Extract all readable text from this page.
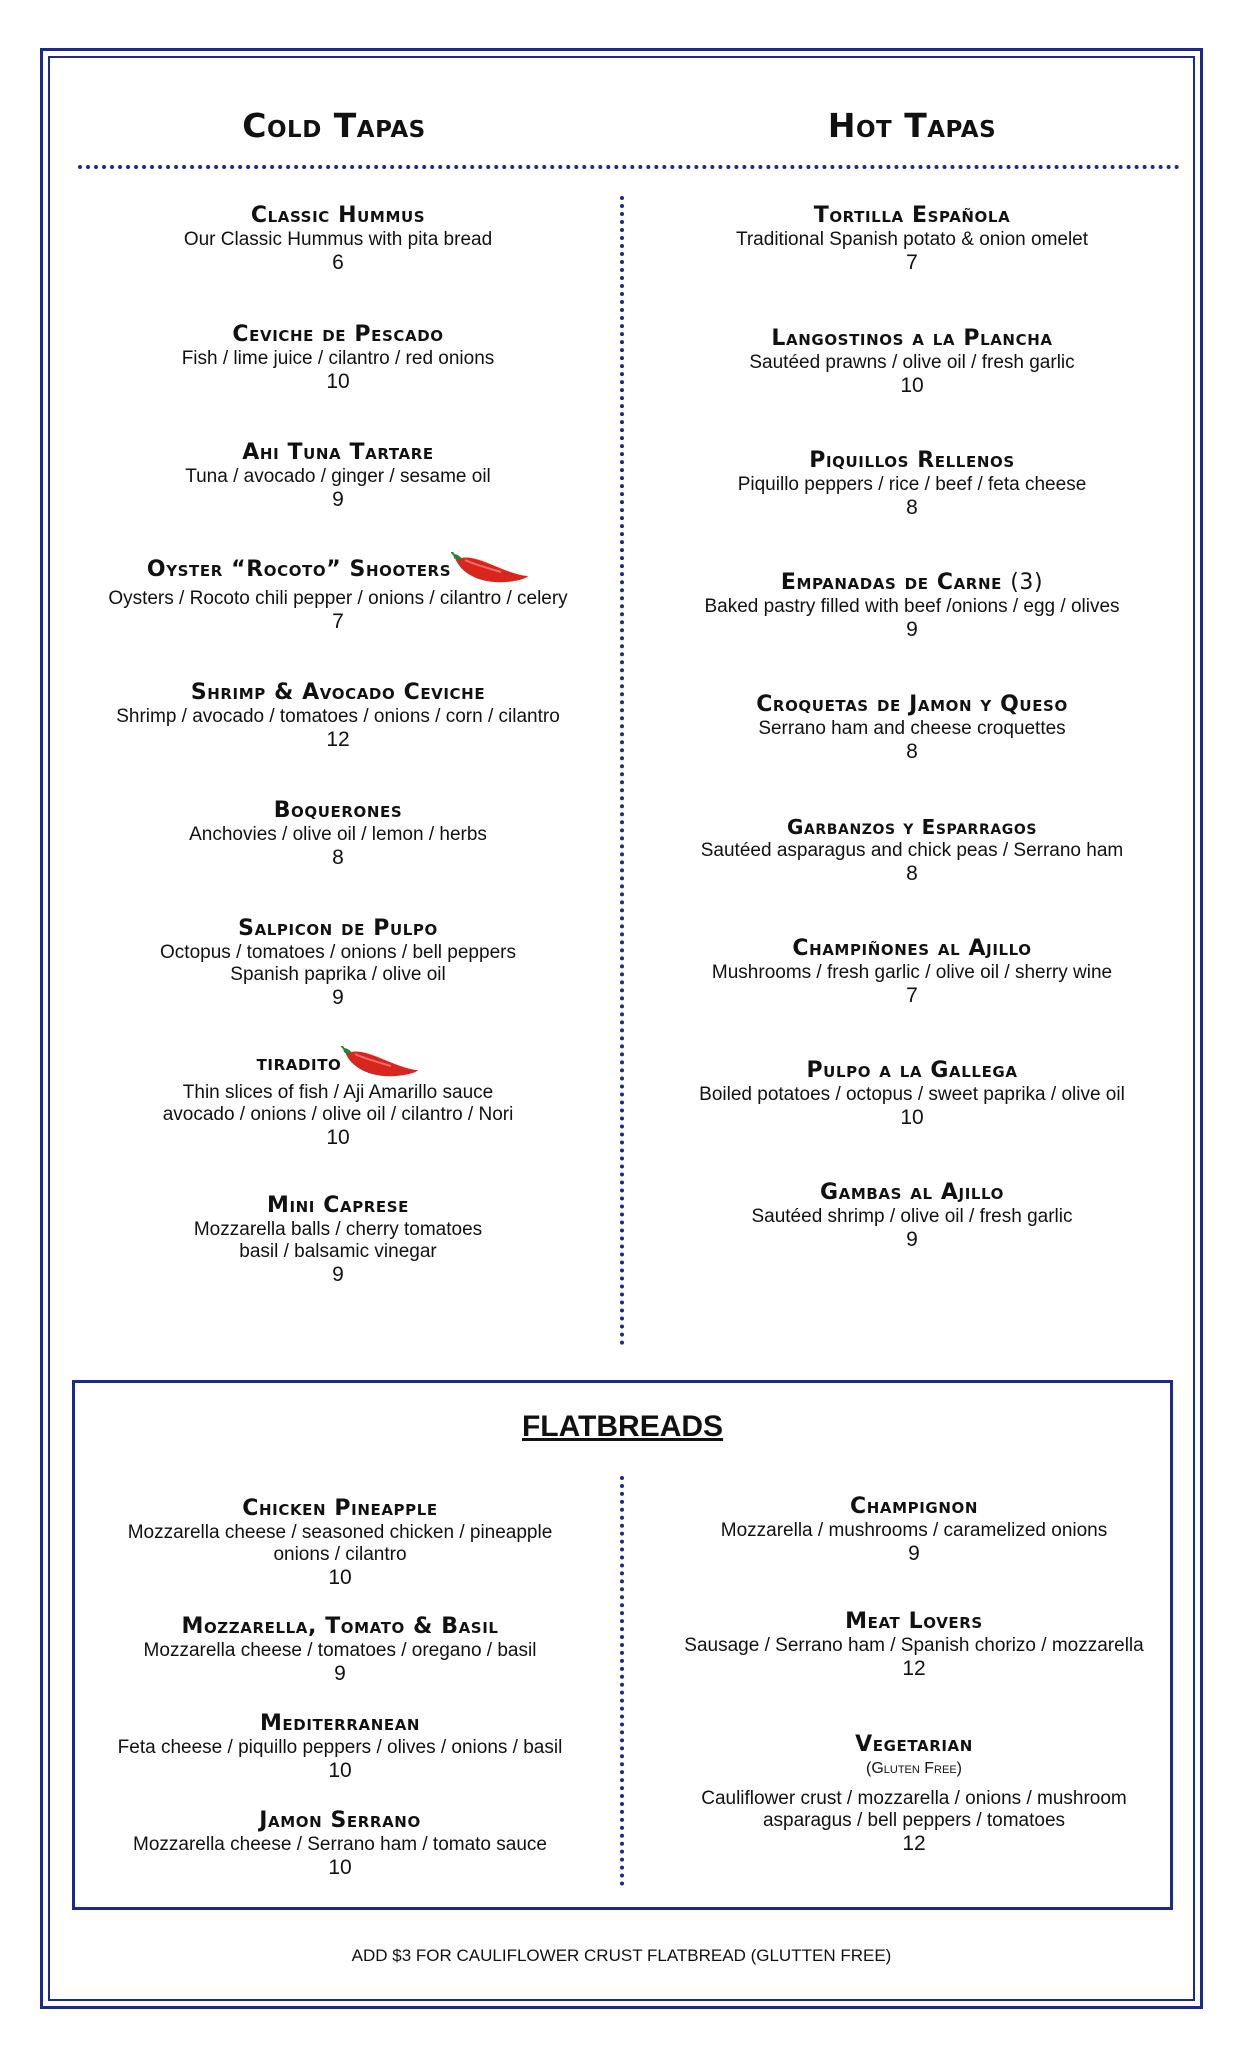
Cold Tapas	Hot Tapas
Classic Hummus
Our Classic Hummus with pita bread
6
Ceviche de Pescado
Fish / lime juice / cilantro / red onions
10
Ahi Tuna Tartare
Tuna / avocado / ginger / sesame oil
9
Oyster “Rocoto” Shooters
Oysters / Rocoto chili pepper / onions / cilantro / celery
7
Shrimp & Avocado Ceviche
Shrimp / avocado / tomatoes / onions / corn / cilantro
12
Boquerones
Anchovies / olive oil / lemon / herbs
8
Salpicon de Pulpo
Octopus / tomatoes / onions / bell peppers
Spanish paprika / olive oil
9
tiradito
Thin slices of fish / Aji Amarillo sauce
avocado / onions / olive oil / cilantro / Nori
10
Mini Caprese
Mozzarella balls / cherry tomatoes
basil / balsamic vinegar
9
Tortilla Española
Traditional Spanish potato & onion omelet
7
Langostinos a la Plancha
Sautéed prawns / olive oil / fresh garlic
10
Piquillos Rellenos
Piquillo peppers / rice / beef / feta cheese
8
Empanadas de Carne (3)
Baked pastry filled with beef /onions / egg / olives
9
Croquetas de Jamon y Queso
Serrano ham and cheese croquettes
8
Garbanzos y Esparragos
Sautéed asparagus and chick peas / Serrano ham
8
Champiñones al Ajillo
Mushrooms / fresh garlic / olive oil / sherry wine
7
Pulpo a la Gallega
Boiled potatoes / octopus / sweet paprika / olive oil
10
Gambas al Ajillo
Sautéed shrimp / olive oil / fresh garlic
9
FLATBREADS
Chicken Pineapple
Mozzarella cheese / seasoned chicken / pineapple
onions / cilantro
10
Mozzarella, Tomato & Basil
Mozzarella cheese / tomatoes / oregano / basil
9
Mediterranean
Feta cheese / piquillo peppers / olives / onions / basil
10
Jamon Serrano
Mozzarella cheese / Serrano ham / tomato sauce
10
Champignon
Mozzarella / mushrooms / caramelized onions
9
Meat Lovers
Sausage / Serrano ham / Spanish chorizo / mozzarella
12
Vegetarian
(Gluten Free)
Cauliflower crust / mozzarella / onions / mushroom
asparagus / bell peppers / tomatoes
12
ADD $3 FOR CAULIFLOWER CRUST FLATBREAD (GLUTTEN FREE)
